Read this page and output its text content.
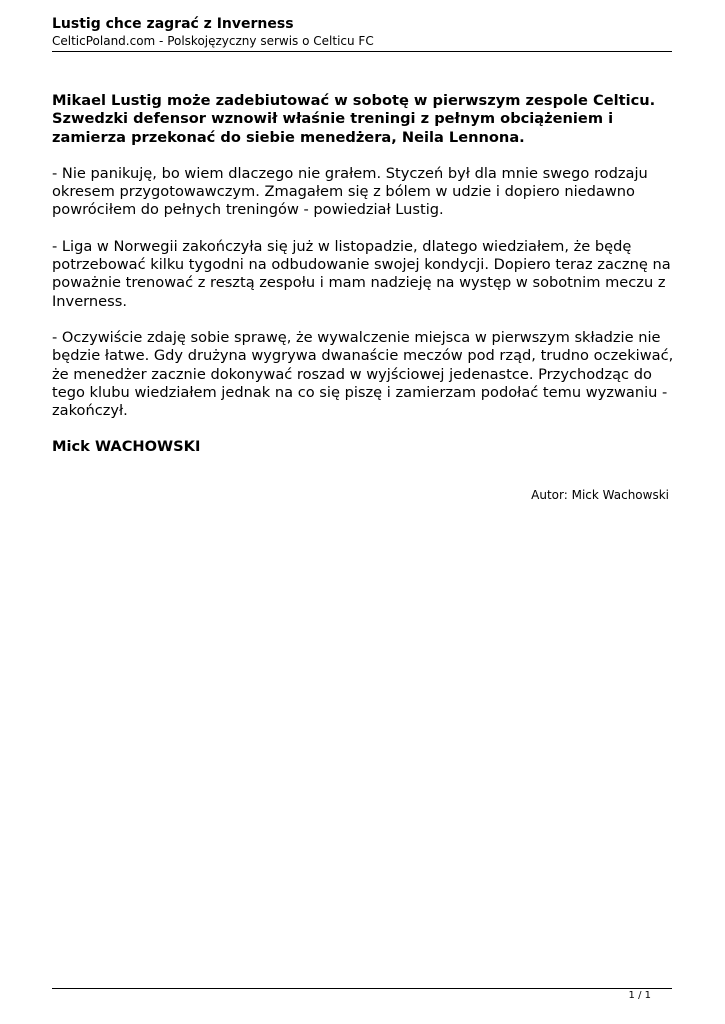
Lustig chce zagrać z Inverness
CelticPoland.com - Polskojęzyczny serwis o Celticu FC

Mikael Lustig może zadebiutować w sobotę w pierwszym zespole Celticu. Szwedzki defensor wznowił właśnie treningi z pełnym obciążeniem i zamierza przekonać do siebie menedżera, Neila Lennona.

- Nie panikuję, bo wiem dlaczego nie grałem. Styczeń był dla mnie swego rodzaju okresem przygotowawczym. Zmagałem się z bólem w udzie i dopiero niedawno powróciłem do pełnych treningów - powiedział Lustig.

- Liga w Norwegii zakończyła się już w listopadzie, dlatego wiedziałem, że będę potrzebować kilku tygodni na odbudowanie swojej kondycji. Dopiero teraz zacznę na poważnie trenować z resztą zespołu i mam nadzieję na występ w sobotnim meczu z Inverness.

- Oczywiście zdaję sobie sprawę, że wywalczenie miejsca w pierwszym składzie nie będzie łatwe. Gdy drużyna wygrywa dwanaście meczów pod rząd, trudno oczekiwać, że menedżer zacznie dokonywać roszad w wyjściowej jedenastce. Przychodząc do tego klubu wiedziałem jednak na co się piszę i zamierzam podołać temu wyzwaniu - zakończył.

Mick WACHOWSKI

Autor: Mick Wachowski
1 / 1
